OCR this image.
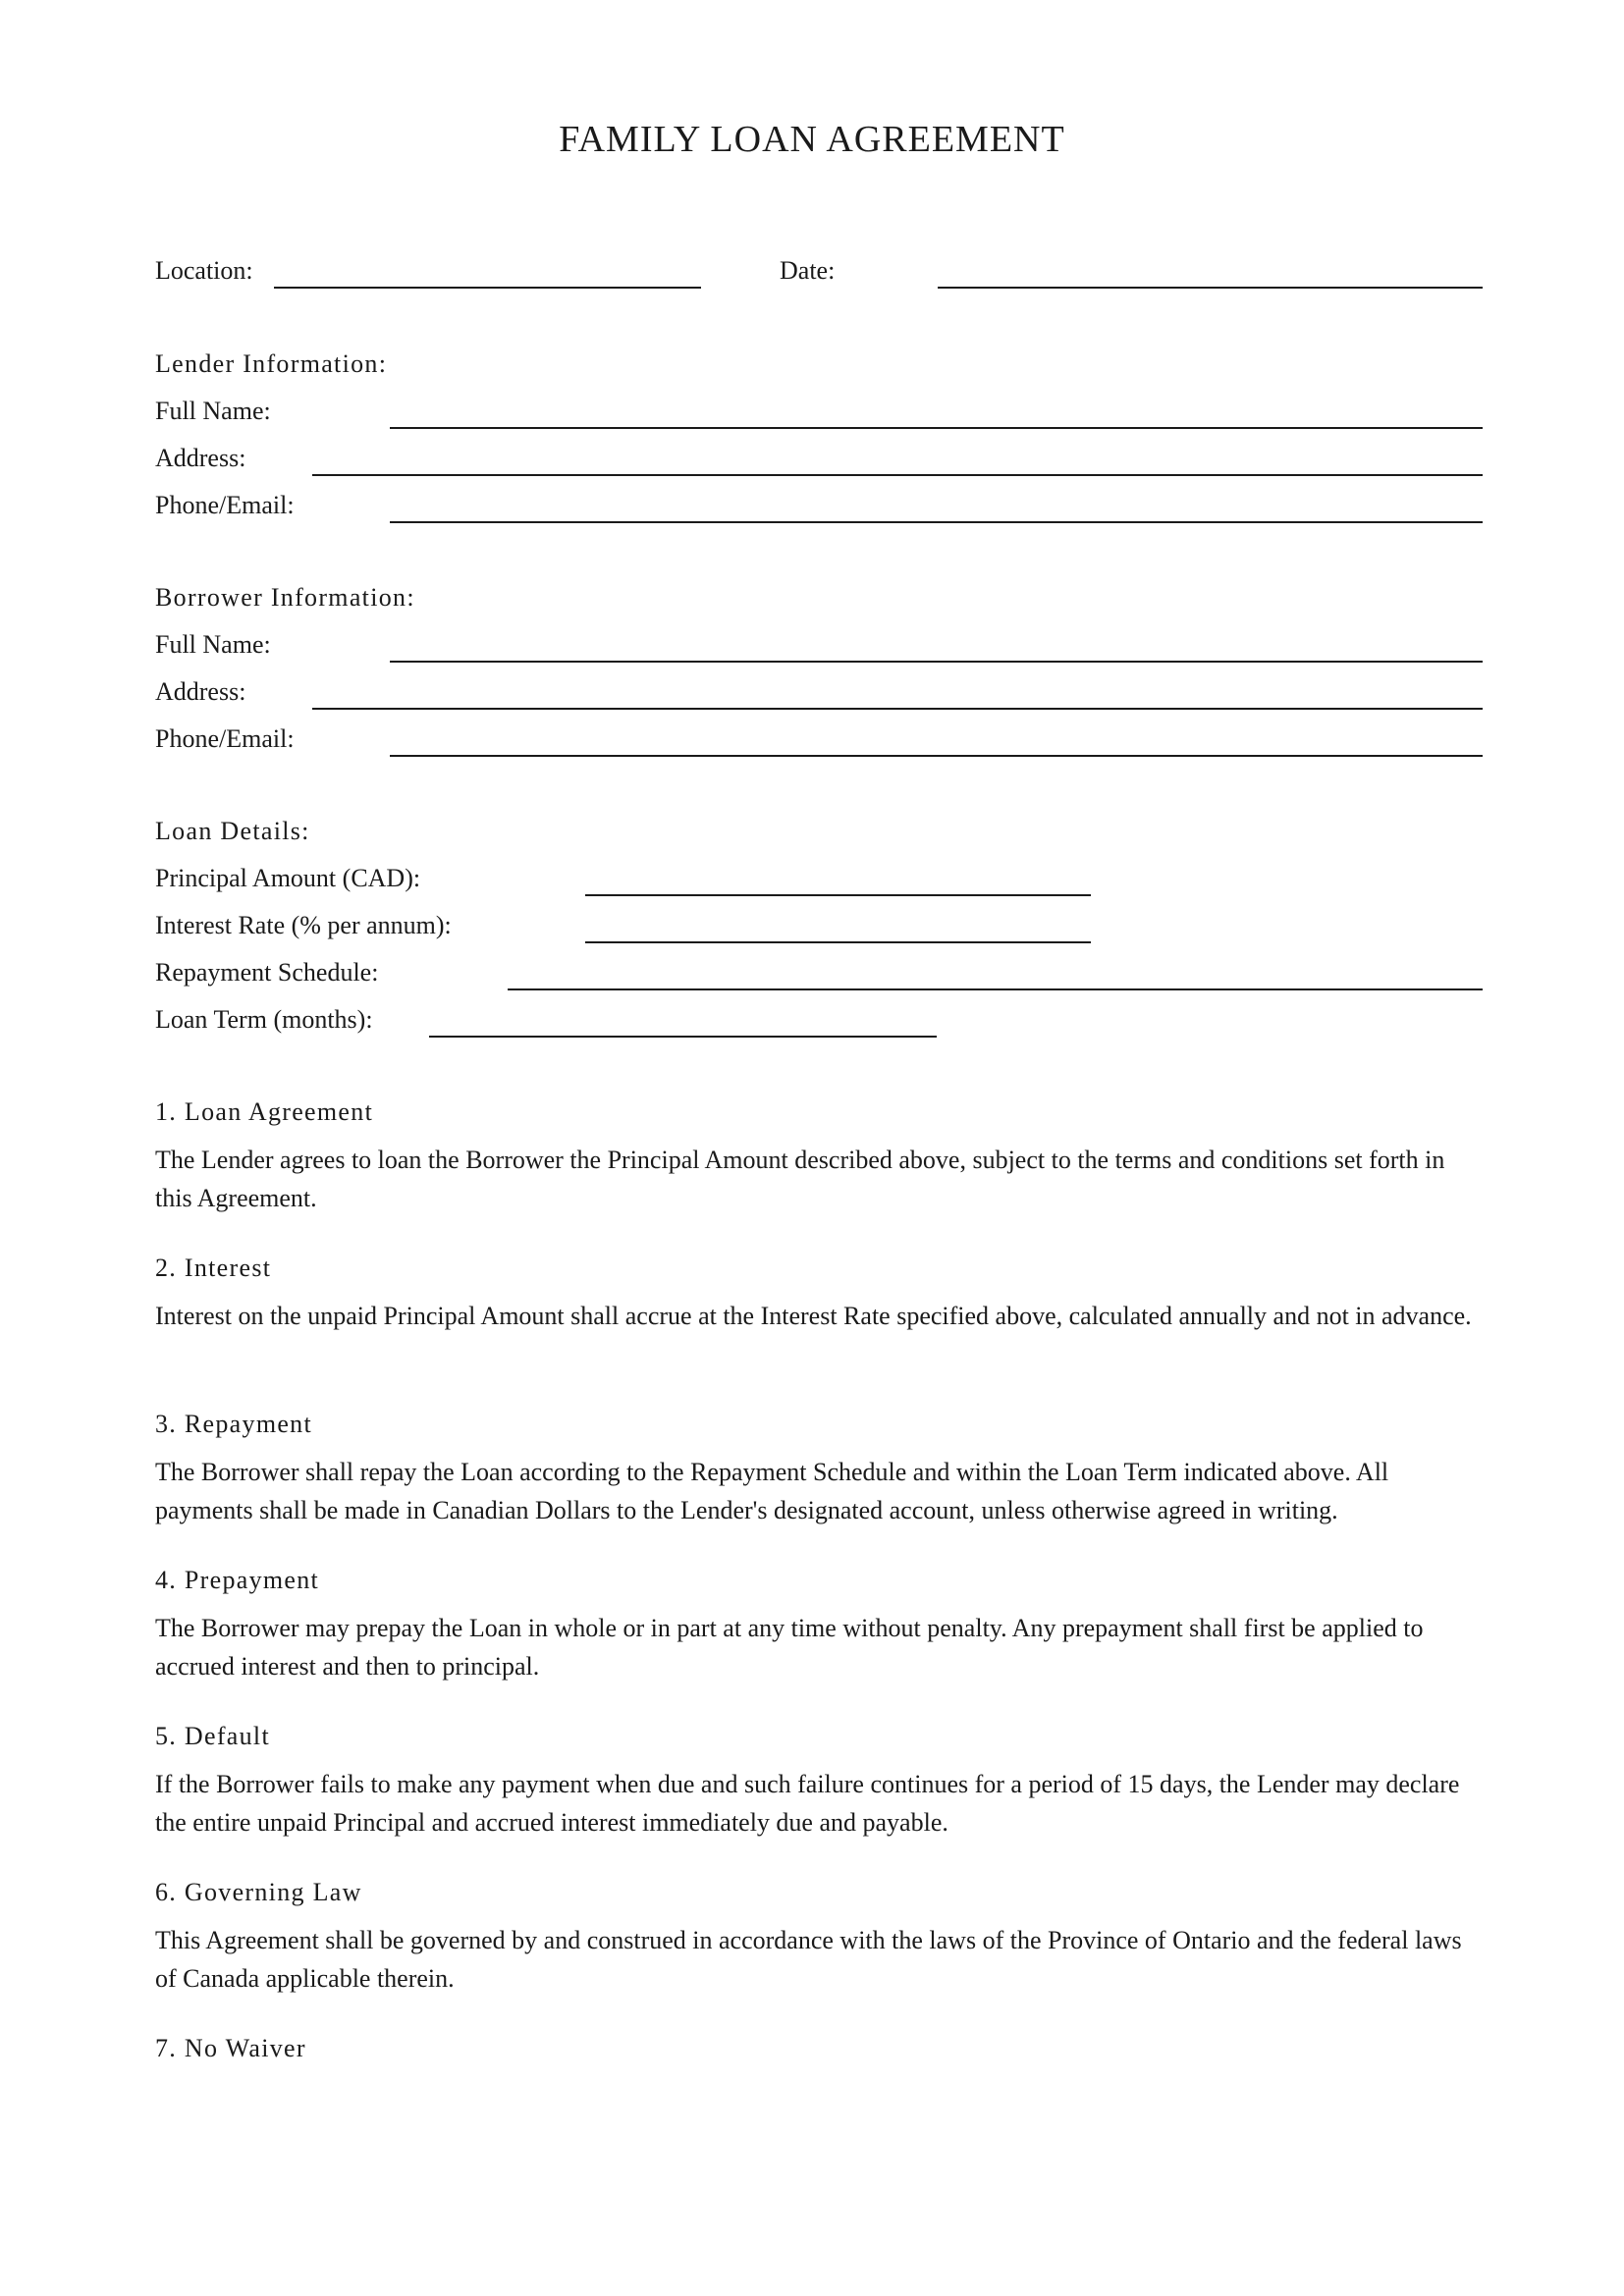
FAMILY LOAN AGREEMENT
Location:	Date:
Lender Information:
Full Name:
Address:
Phone/Email:
Borrower Information:
Full Name:
Address:
Phone/Email:
Loan Details:
Principal Amount (CAD):
Interest Rate (% per annum):
Repayment Schedule:
Loan Term (months):
1. Loan Agreement
The Lender agrees to loan the Borrower the Principal Amount described above, subject to the terms and conditions set forth in this Agreement.
2. Interest
Interest on the unpaid Principal Amount shall accrue at the Interest Rate specified above, calculated annually and not in advance.
3. Repayment
The Borrower shall repay the Loan according to the Repayment Schedule and within the Loan Term indicated above. All payments shall be made in Canadian Dollars to the Lender's designated account, unless otherwise agreed in writing.
4. Prepayment
The Borrower may prepay the Loan in whole or in part at any time without penalty. Any prepayment shall first be applied to accrued interest and then to principal.
5. Default
If the Borrower fails to make any payment when due and such failure continues for a period of 15 days, the Lender may declare the entire unpaid Principal and accrued interest immediately due and payable.
6. Governing Law
This Agreement shall be governed by and construed in accordance with the laws of the Province of Ontario and the federal laws of Canada applicable therein.
7. No Waiver
